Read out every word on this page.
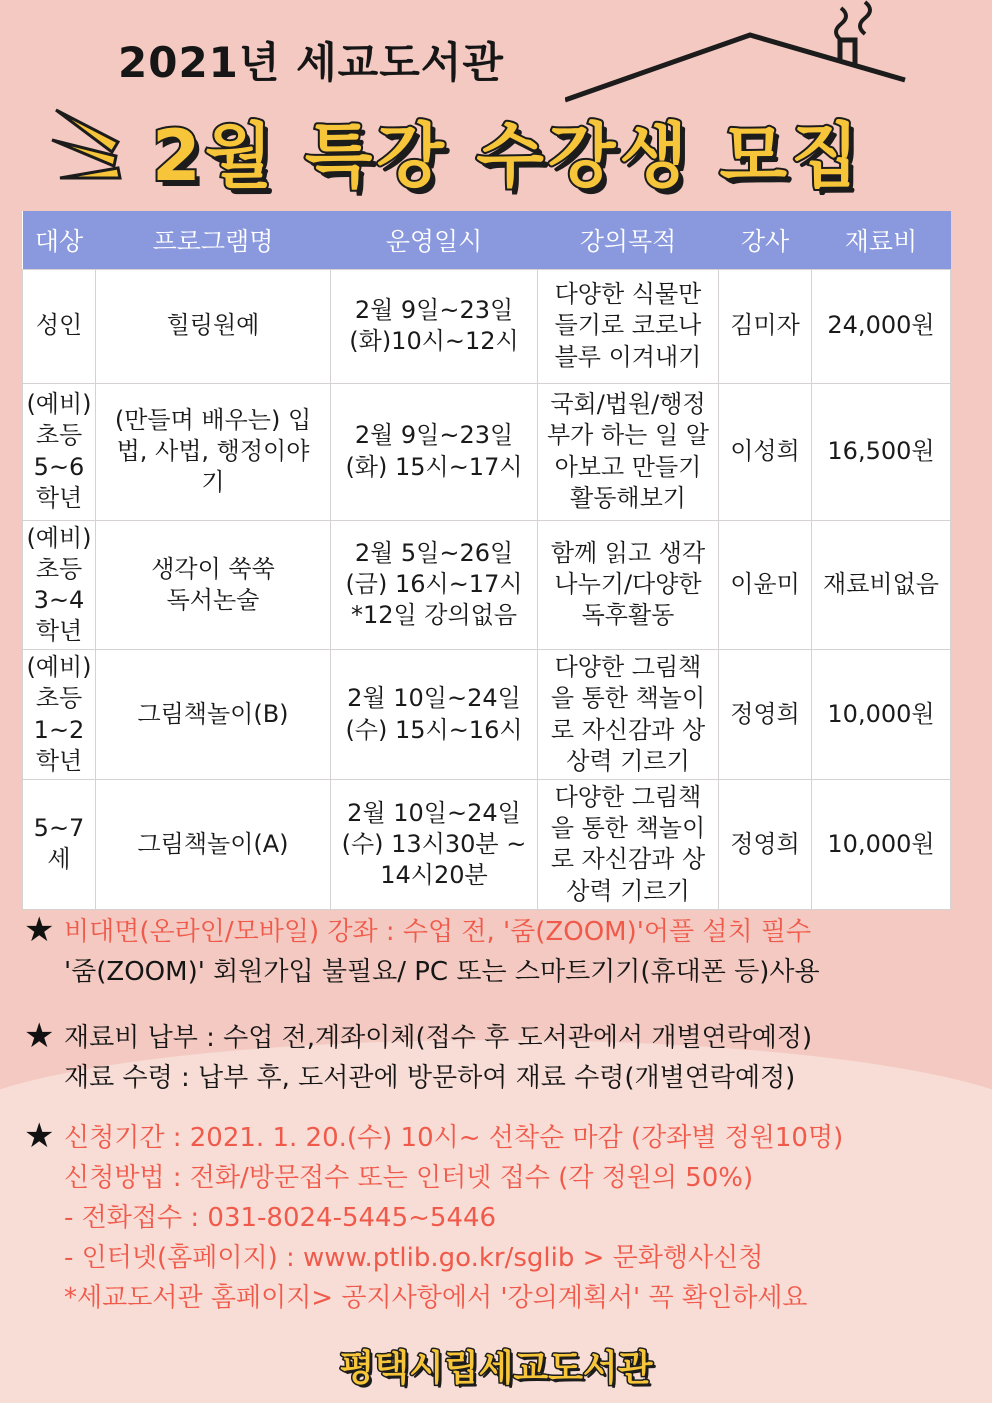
2021년 세교도서관
2월 특강 수강생 모집
대상	프로그램명	운영일시	강의목적	강사	재료비
성인	힐링원예	2월 9일~23일
(화)10시~12시	다양한 식물만
들기로 코로나
블루 이겨내기	김미자	24,000원
(예비)
초등
5~6
학년	(만들며 배우는) 입
법, 사법, 행정이야
기	2월 9일~23일
(화) 15시~17시	국회/법원/행정
부가 하는 일 알
아보고 만들기
활동해보기	이성희	16,500원
(예비)
초등
3~4
학년	생각이 쑥쑥
독서논술	2월 5일~26일
(금) 16시~17시
*12일 강의없음	함께 읽고 생각
나누기/다양한
독후활동	이윤미	재료비없음
(예비)
초등
1~2
학년	그림책놀이(B)	2월 10일~24일
(수) 15시~16시	다양한 그림책
을 통한 책놀이
로 자신감과 상
상력 기르기	정영희	10,000원
5~7
세	그림책놀이(A)	2월 10일~24일
(수) 13시30분 ~
14시20분	다양한 그림책
을 통한 책놀이
로 자신감과 상
상력 기르기	정영희	10,000원
★ 비대면(온라인/모바일) 강좌 : 수업 전, '줌(ZOOM)'어플 설치 필수
'줌(ZOOM)' 회원가입 불필요/ PC 또는 스마트기기(휴대폰 등)사용
★ 재료비 납부 : 수업 전,계좌이체(접수 후 도서관에서 개별연락예정)
재료 수령 : 납부 후, 도서관에 방문하여 재료 수령(개별연락예정)
★ 신청기간 : 2021. 1. 20.(수) 10시~ 선착순 마감 (강좌별 정원10명)
신청방법 : 전화/방문접수 또는 인터넷 접수 (각 정원의 50%)
- 전화접수 : 031-8024-5445~5446
- 인터넷(홈페이지) : www.ptlib.go.kr/sglib > 문화행사신청
*세교도서관 홈페이지> 공지사항에서 '강의계획서' 꼭 확인하세요
평택시립세교도서관
